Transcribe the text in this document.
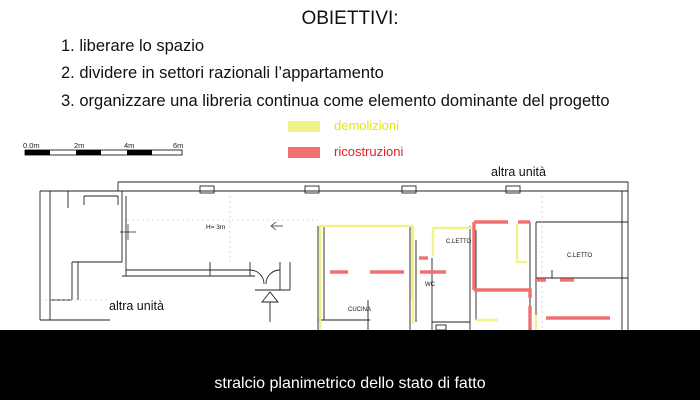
OBIETTIVI:
1. liberare lo spazio
2. dividere in settori razionali l’appartamento
3. organizzare una libreria continua come elemento dominante del progetto
demolizioni
ricostruzioni
0.0m	2m	4m	6m
altra unità
altra unità
H= 3m
C.LETTO
C.LETTO
WC
CUCINA
stralcio planimetrico dello stato di fatto
